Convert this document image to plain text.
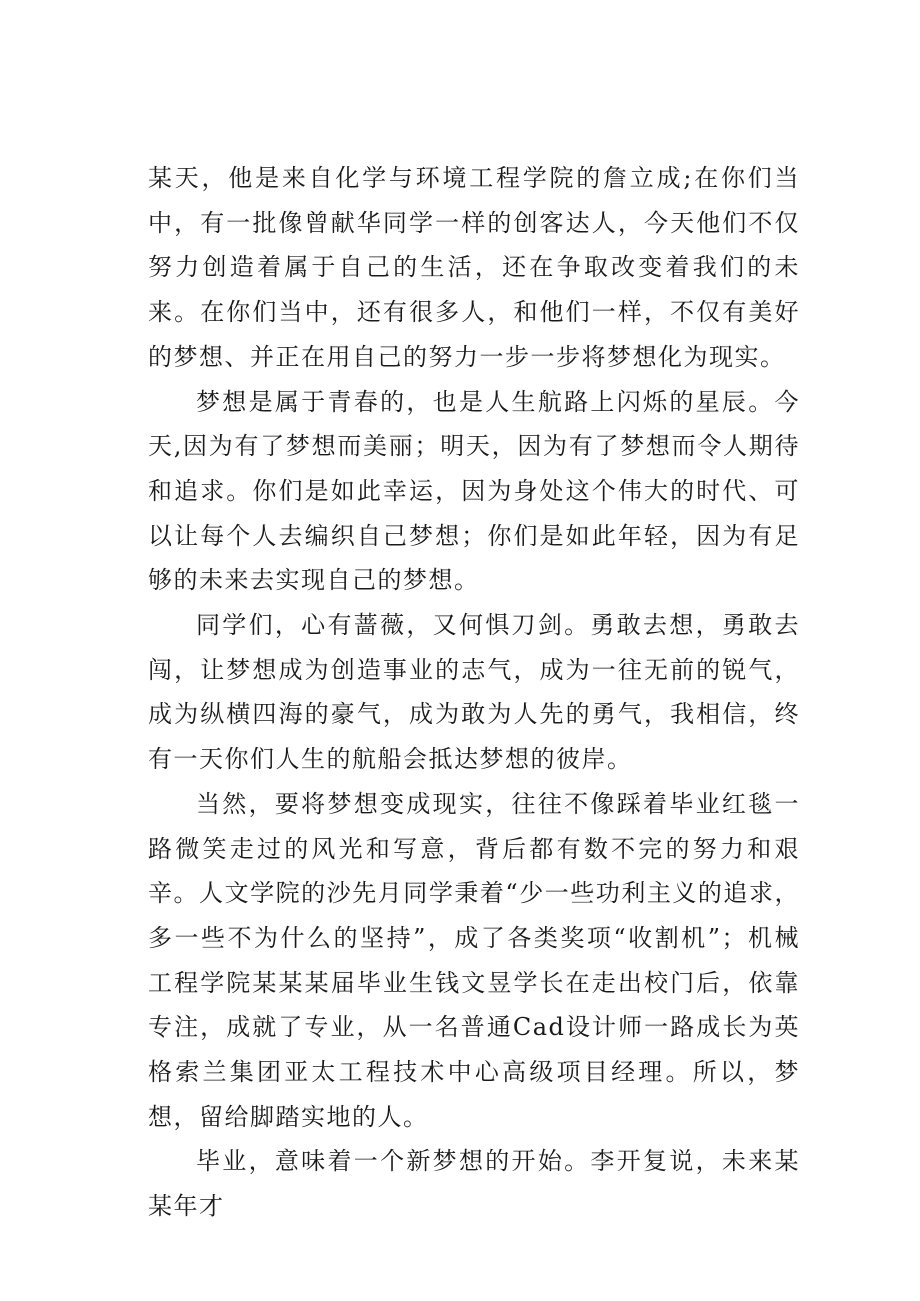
某天，他是来自化学与环境工程学院的詹立成;在你们当中，有一批像曾献华同学一样的创客达人，今天他们不仅努力创造着属于自己的生活，还在争取改变着我们的未来。在你们当中，还有很多人，和他们一样，不仅有美好的梦想、并正在用自己的努力一步一步将梦想化为现实。

梦想是属于青春的，也是人生航路上闪烁的星辰。今天,因为有了梦想而美丽；明天，因为有了梦想而令人期待和追求。你们是如此幸运，因为身处这个伟大的时代、可以让每个人去编织自己梦想；你们是如此年轻，因为有足够的未来去实现自己的梦想。

同学们，心有蔷薇，又何惧刀剑。勇敢去想，勇敢去闯，让梦想成为创造事业的志气，成为一往无前的锐气，成为纵横四海的豪气，成为敢为人先的勇气，我相信，终有一天你们人生的航船会抵达梦想的彼岸。

当然，要将梦想变成现实，往往不像踩着毕业红毯一路微笑走过的风光和写意，背后都有数不完的努力和艰辛。人文学院的沙先月同学秉着“少一些功利主义的追求，多一些不为什么的坚持”，成了各类奖项“收割机”；机械工程学院某某某届毕业生钱文昱学长在走出校门后，依靠专注，成就了专业，从一名普通Cad设计师一路成长为英格索兰集团亚太工程技术中心高级项目经理。所以，梦想，留给脚踏实地的人。

毕业，意味着一个新梦想的开始。李开复说，未来某某年才
